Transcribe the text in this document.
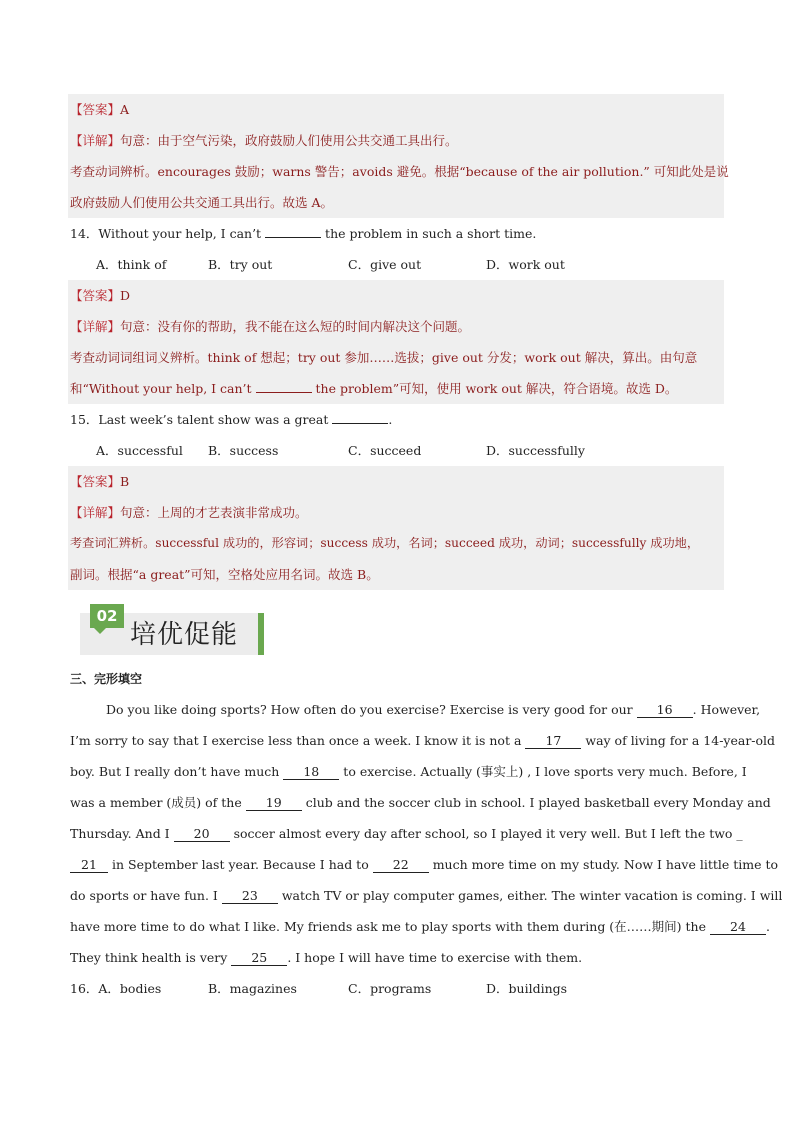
【答案】A
【详解】句意：由于空气污染，政府鼓励人们使用公共交通工具出行。
考查动词辨析。encourages 鼓励；warns 警告；avoids 避免。根据“because of the air pollution.” 可知此处是说
政府鼓励人们使用公共交通工具出行。故选 A。
14．Without your help, I can’t	the problem in such a short time.
A．think of	B．try out	C．give out	D．work out
【答案】D
【详解】句意：没有你的帮助，我不能在这么短的时间内解决这个问题。
考查动词词组词义辨析。think of 想起；try out 参加……选拔；give out 分发；work out 解决，算出。由句意
和“Without your help, I can’t	the problem”可知，使用 work out 解决，符合语境。故选 D。
15．Last week’s talent show was a great	.
A．successful	B．success	C．succeed	D．successfully
【答案】B
【详解】句意：上周的才艺表演非常成功。
考查词汇辨析。successful 成功的，形容词；success 成功，名词；succeed 成功，动词；successfully 成功地，
副词。根据“a great”可知，空格处应用名词。故选 B。
02
培优促能
三、完形填空
Do you like doing sports? How often do you exercise? Exercise is very good for our 16 . However,
I’m sorry to say that I exercise less than once a week. I know it is not a 17 way of living for a 14-year-old
boy. But I really don’t have much 18 to exercise. Actually (事实上) , I love sports very much. Before, I
was a member (成员) of the 19 club and the soccer club in school. I played basketball every Monday and
Thursday. And I 20 soccer almost every day after school, so I played it very well. But I left the two _
21 in September last year. Because I had to 22 much more time on my study. Now I have little time to
do sports or have fun. I 23 watch TV or play computer games, either. The winter vacation is coming. I will
have more time to do what I like. My friends ask me to play sports with them during (在……期间) the 24 .
They think health is very 25 . I hope I will have time to exercise with them.
16．A．bodies	B．magazines	C．programs	D．buildings
